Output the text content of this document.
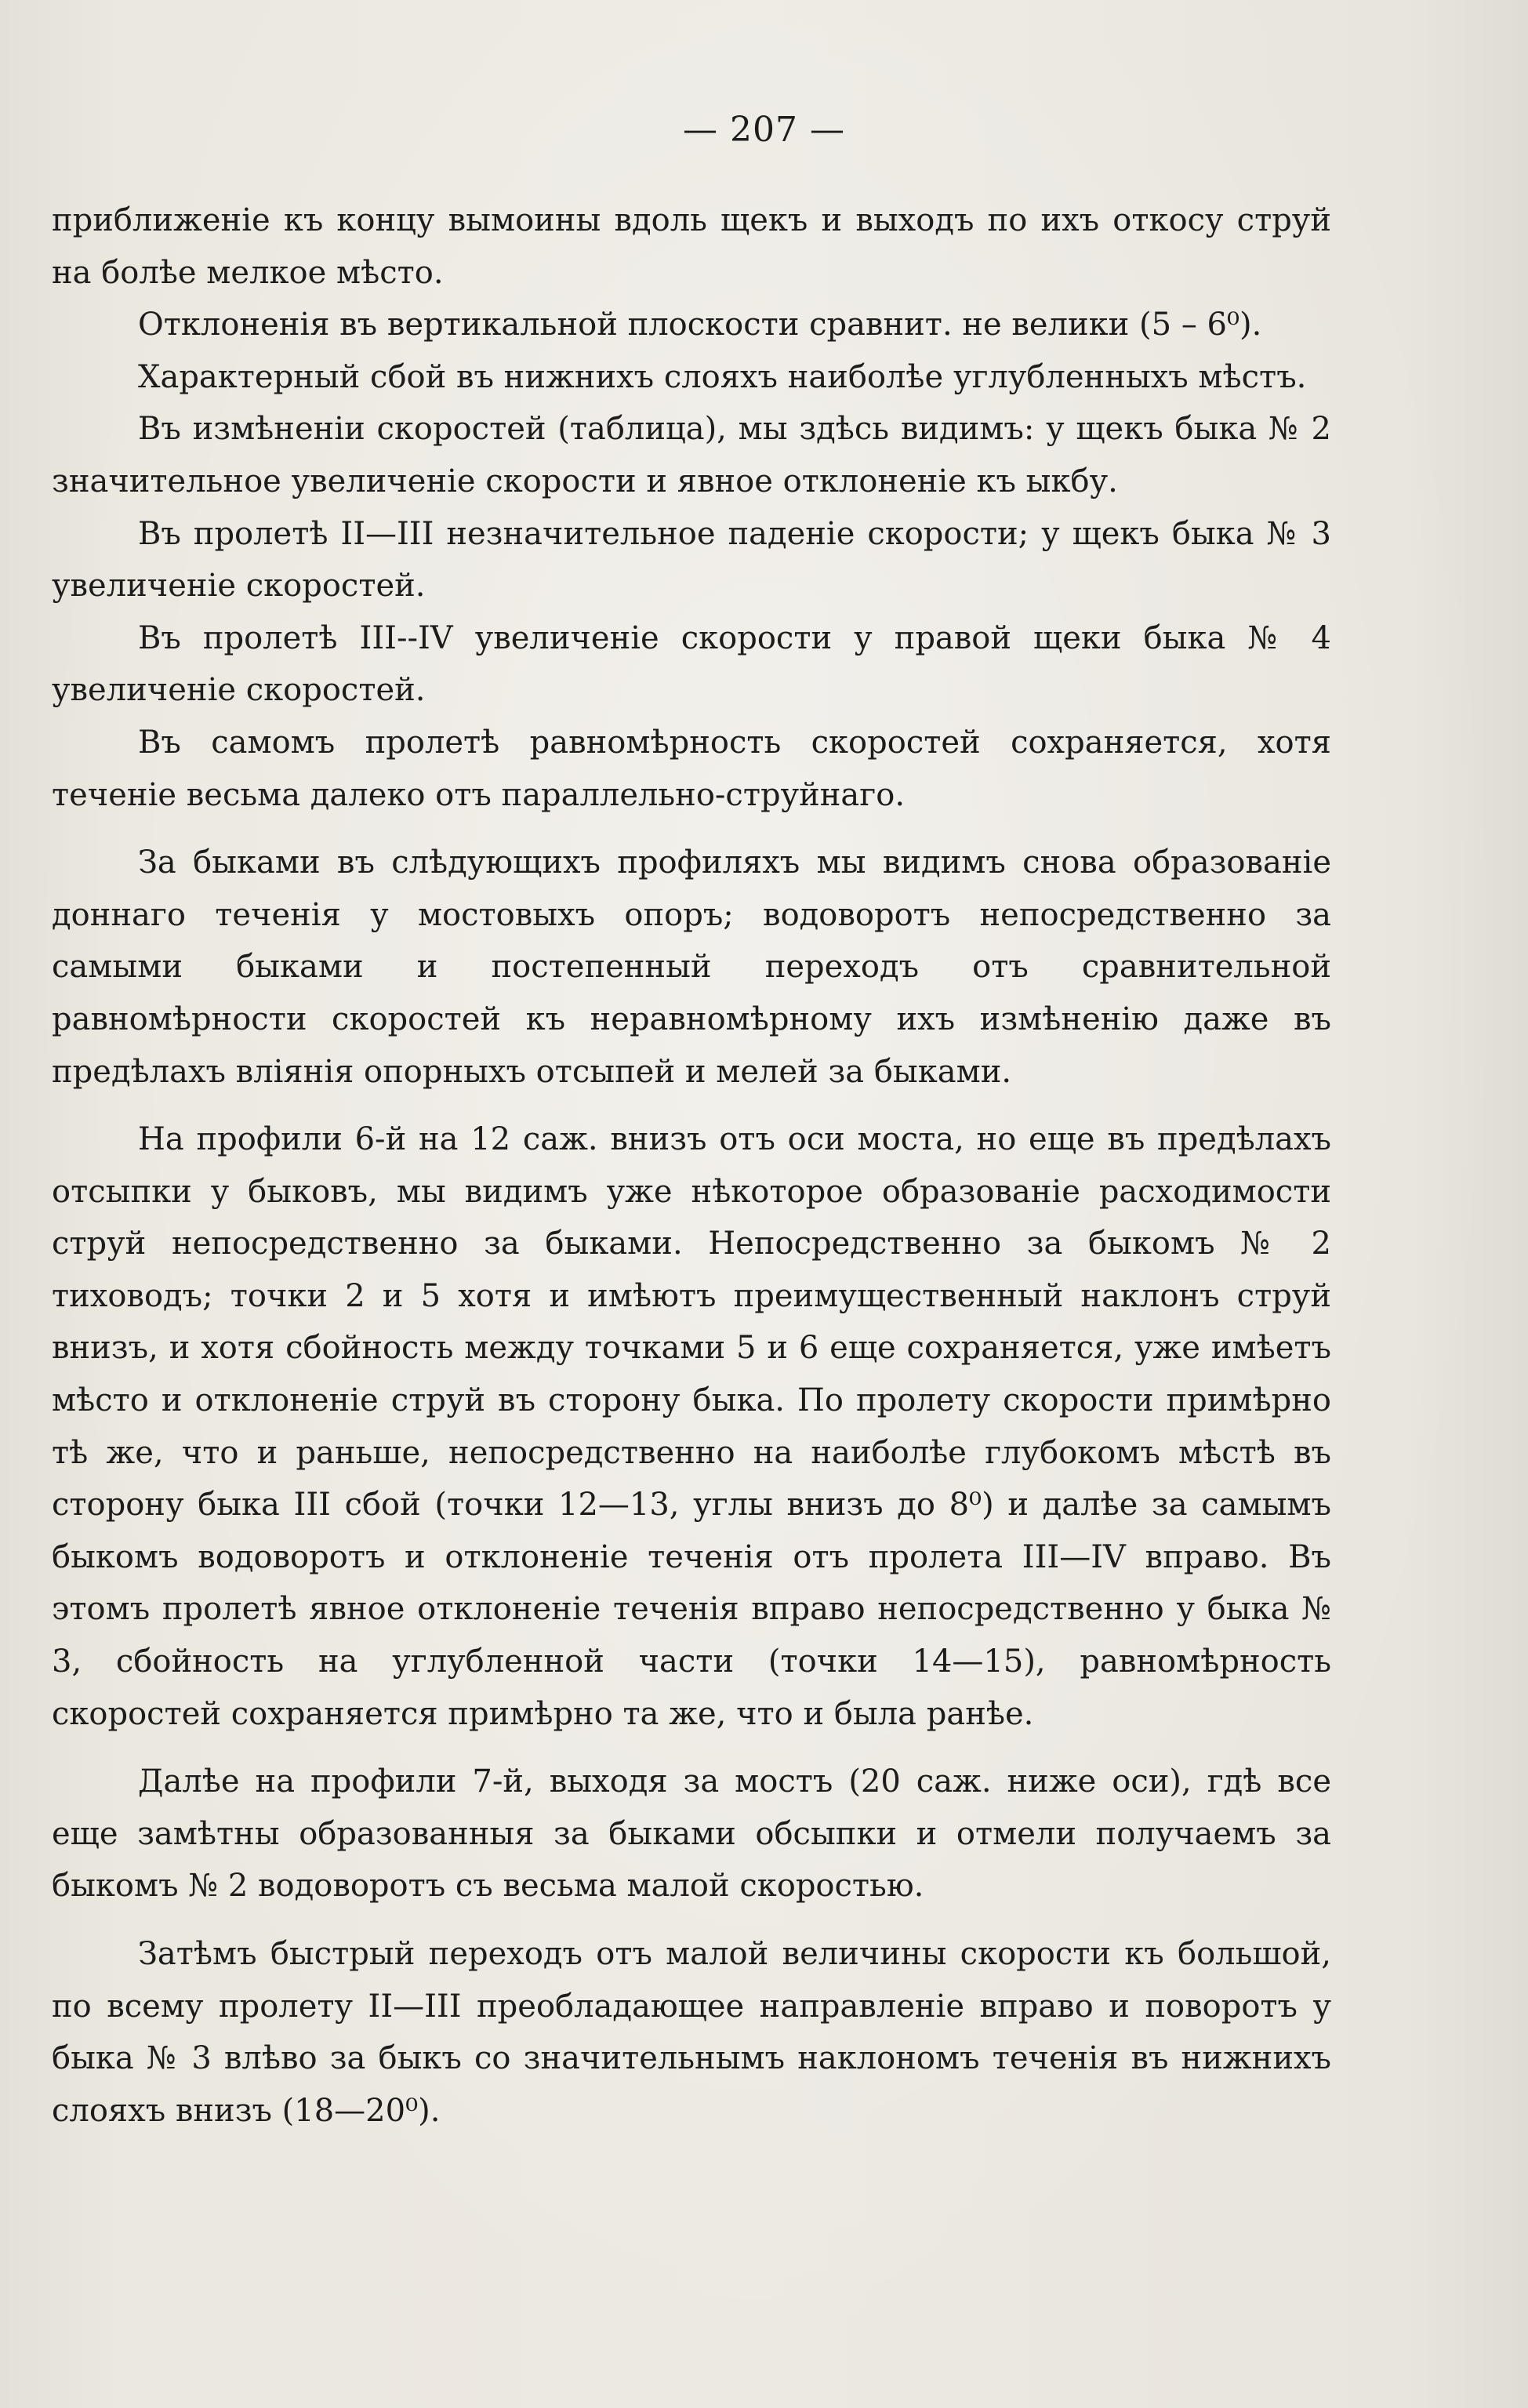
— 207 —

приближенiе къ концу вымоины вдоль щекъ и выходъ по ихъ откосу струй на болѣе мелкое мѣсто.

Отклоненiя въ вертикальной плоскости сравнит. не велики (5 – 6⁰).

Характерный сбой въ нижнихъ слояхъ наиболѣе углубленныхъ мѣстъ.

Въ измѣненiи скоростей (таблица), мы здѣсь видимъ: у щекъ быка № 2 значительное увеличенiе скорости и явное отклоненiе къ ыкбу.

Въ пролетѣ II—III незначительное паденiе скорости; у щекъ быка № 3 увеличенiе скоростей.

Въ пролетѣ III--IV увеличенiе скорости у правой щеки быка № 4 увеличенiе скоростей.

Въ самомъ пролетѣ равномѣрность скоростей сохраняется, хотя теченiе весьма далеко отъ параллельно-струйнаго.

За быками въ слѣдующихъ профиляхъ мы видимъ снова образованiе доннаго теченiя у мостовыхъ опоръ; водоворотъ непосредственно за самыми быками и постепенный переходъ отъ сравнительной равномѣрности скоростей къ неравномѣрному ихъ измѣненiю даже въ предѣлахъ влiянiя опорныхъ отсыпей и мелей за быками.

На профили 6-й на 12 саж. внизъ отъ оси моста, но еще въ предѣлахъ отсыпки у быковъ, мы видимъ уже нѣкоторое образованiе расходимости струй непосредственно за быками. Непосредственно за быкомъ № 2 тиховодъ; точки 2 и 5 хотя и имѣютъ преимущественный наклонъ струй внизъ, и хотя сбойность между точками 5 и 6 еще сохраняется, уже имѣетъ мѣсто и отклоненiе струй въ сторону быка. По пролету скорости примѣрно тѣ же, что и раньше, непосредственно на наиболѣе глубокомъ мѣстѣ въ сторону быка III сбой (точки 12—13, углы внизъ до 8⁰) и далѣе за самымъ быкомъ водоворотъ и отклоненiе теченiя отъ пролета III—IV вправо. Въ этомъ пролетѣ явное отклоненiе теченiя вправо непосредственно у быка № 3, сбойность на углубленной части (точки 14—15), равномѣрность скоростей сохраняется примѣрно та же, что и была ранѣе.

Далѣе на профили 7-й, выходя за мостъ (20 саж. ниже оси), гдѣ все еще замѣтны образованныя за быками обсыпки и отмели получаемъ за быкомъ № 2 водоворотъ съ весьма малой скоростью.

Затѣмъ быстрый переходъ отъ малой величины скорости къ большой, по всему пролету II—III преобладающее направленiе вправо и поворотъ у быка № 3 влѣво за быкъ со значительнымъ наклономъ теченiя въ нижнихъ слояхъ внизъ (18—20⁰).
